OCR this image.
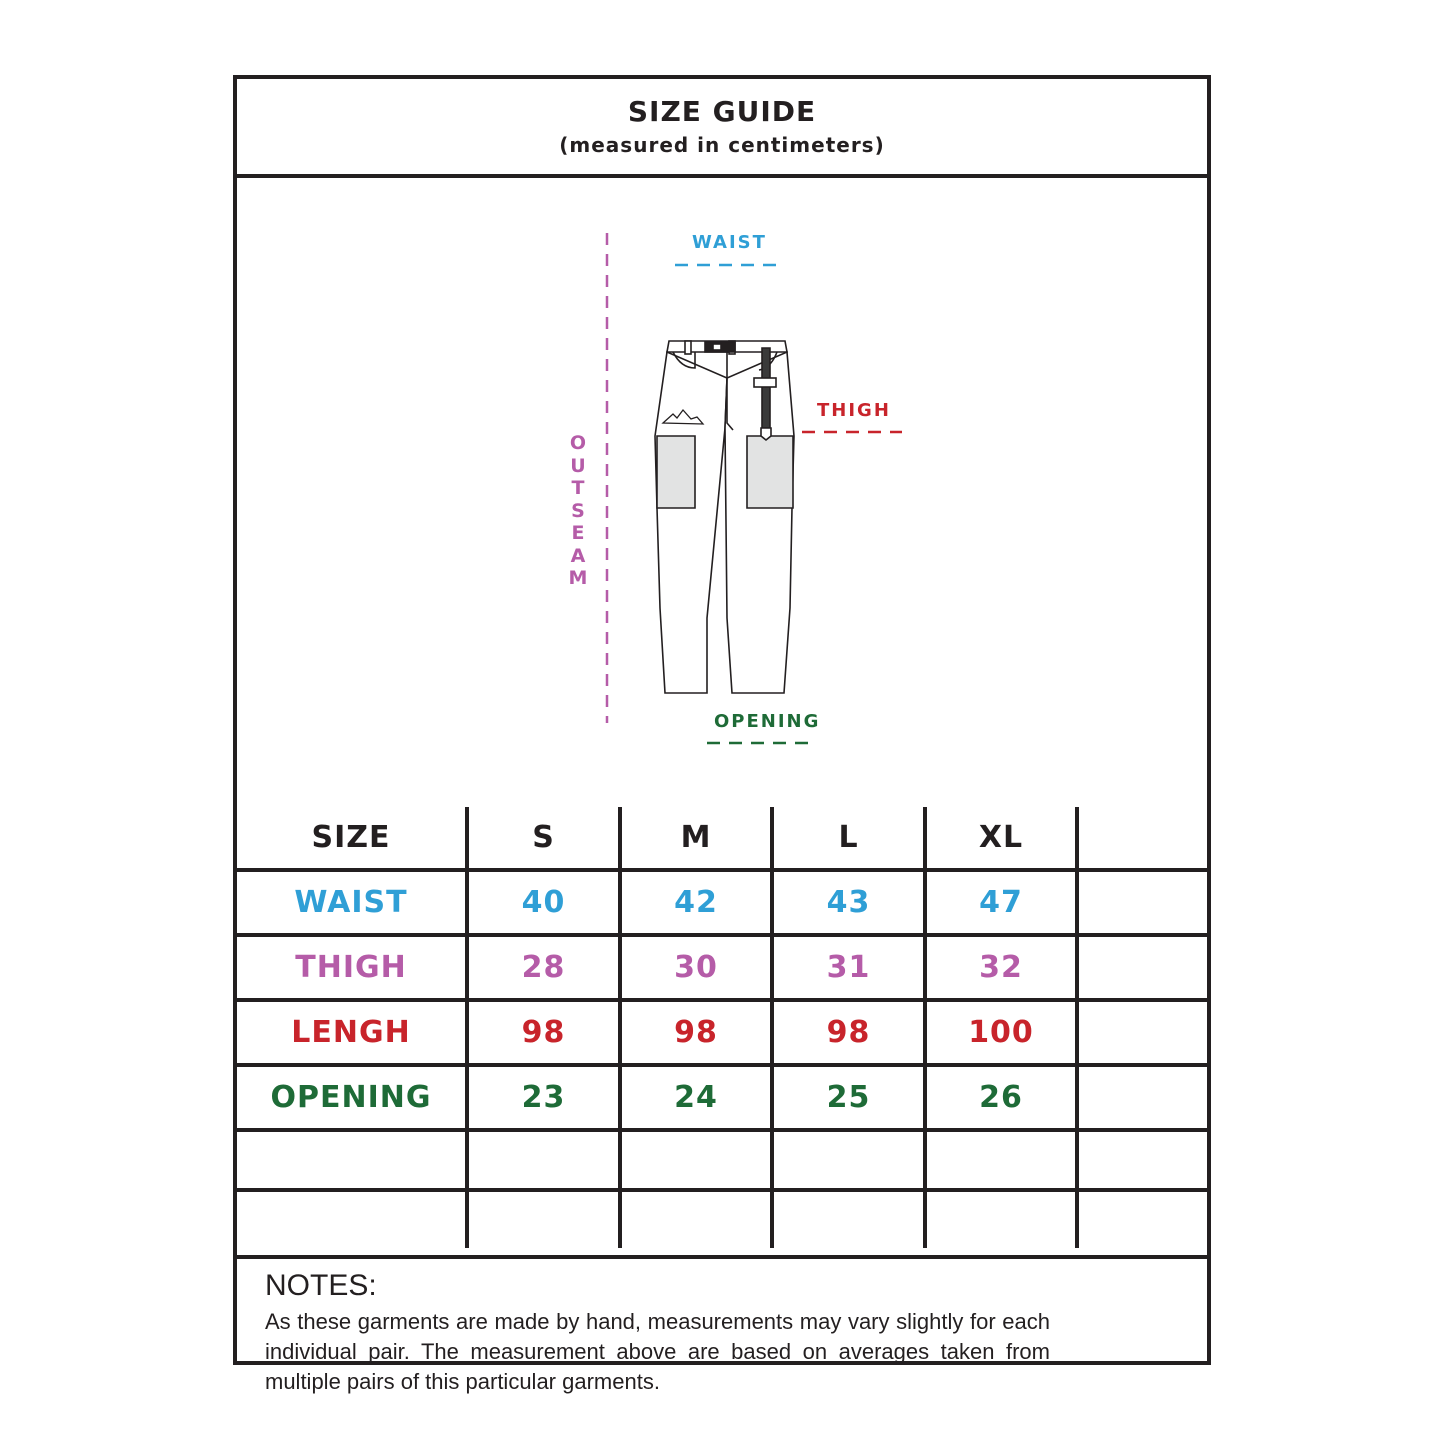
SIZE GUIDE
(measured in centimeters)
WAIST
THIGH
OPENING
O
U
T
S
E
A
M
SIZE	S	M	L	XL	
WAIST	40	42	43	47	
THIGH	28	30	31	32	
LENGH	98	98	98	100	
OPENING	23	24	25	26	

NOTES:
As these garments are made by hand, measurements may vary slightly for each individual pair. The measurement above are based on averages taken from multiple pairs of this particular garments.
